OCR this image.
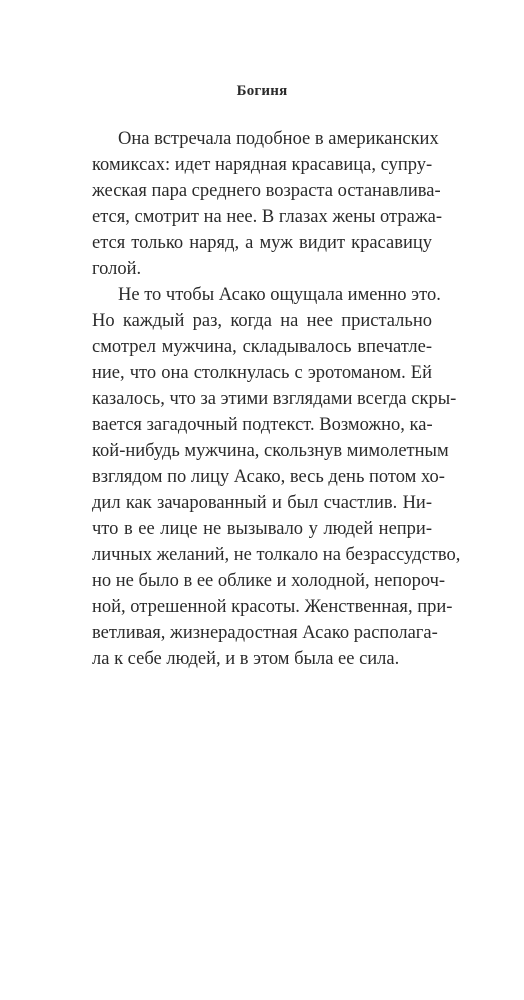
Богиня
Она встречала подобное в американских
комиксах: идет нарядная красавица, супру-
жеская пара среднего возраста останавлива-
ется, смотрит на нее. В глазах жены отража-
ется только наряд, а муж видит красавицу
голой.
Не то чтобы Асако ощущала именно это.
Но каждый раз, когда на нее пристально
смотрел мужчина, складывалось впечатле-
ние, что она столкнулась с эротоманом. Ей
казалось, что за этими взглядами всегда скры-
вается загадочный подтекст. Возможно, ка-
кой-нибудь мужчина, скользнув мимолетным
взглядом по лицу Асако, весь день потом хо-
дил как зачарованный и был счастлив. Ни-
что в ее лице не вызывало у людей непри-
личных желаний, не толкало на безрассудство,
но не было в ее облике и холодной, непороч-
ной, отрешенной красоты. Женственная, при-
ветливая, жизнерадостная Асако располага-
ла к себе людей, и в этом была ее сила.
